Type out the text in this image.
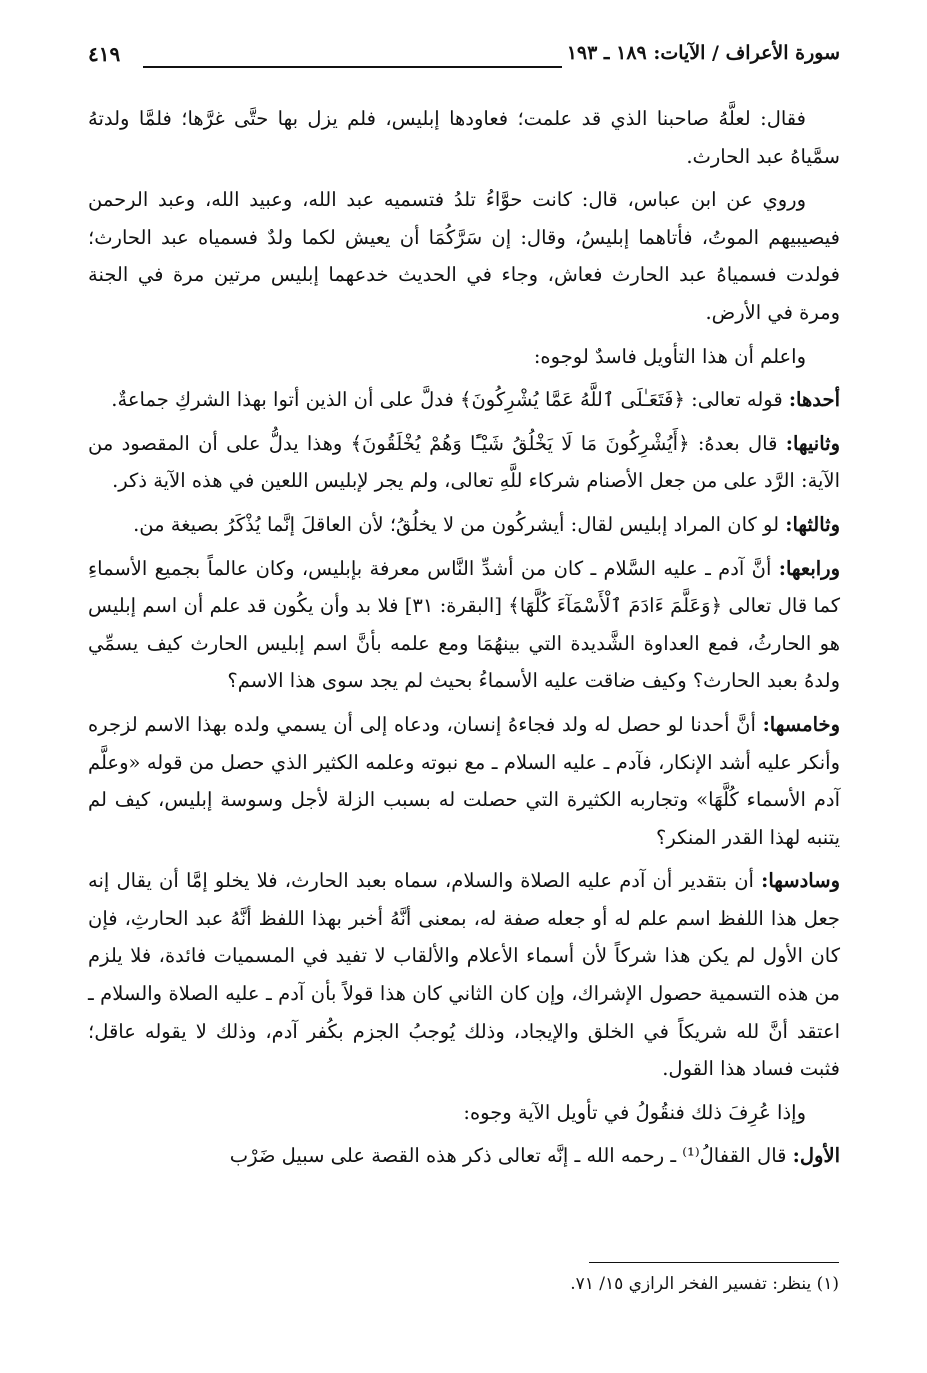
سورة الأعراف / الآيات: ١٨٩ ـ ١٩٣
٤١٩

فقال: لعلَّهُ صاحبنا الذي قد علمت؛ فعاودها إبليس، فلم يزل بها حتَّى غرَّها؛ فلمَّا ولدتهُ سمَّياهُ عبد الحارث.

وروي عن ابن عباس، قال: كانت حوَّاءُ تلدُ فتسميه عبد الله، وعبيد الله، وعبد الرحمن فيصيبيهم الموتُ، فأتاهما إبليسُ، وقال: إن سَرَّكُمَا أن يعيش لكما ولدٌ فسمياه عبد الحارث؛ فولدت فسمياهُ عبد الحارث فعاش، وجاء في الحديث خدعهما إبليس مرتين مرة في الجنة ومرة في الأرض.

واعلم أن هذا التأويل فاسدٌ لوجوه:

أحدها: قوله تعالى: ﴿فَتَعَـٰلَى ٱللَّهُ عَمَّا يُشْرِكُونَ﴾ فدلَّ على أن الذين أتوا بهذا الشركِ جماعةٌ.

وثانيها: قال بعدهُ: ﴿أَيُشْرِكُونَ مَا لَا يَخْلُقُ شَيْـًٔا وَهُمْ يُخْلَقُونَ﴾ وهذا يدلُّ على أن المقصود من الآية: الرَّد على من جعل الأصنام شركاء للَّهِ تعالى، ولم يجر لإبليس اللعين في هذه الآية ذكر.

وثالثها: لو كان المراد إبليس لقال: أيشركُون من لا يخلُقُ؛ لأن العاقلَ إنَّما يُذْكَرُ بصيغة من.

ورابعها: أنَّ آدم ـ عليه السَّلام ـ كان من أشدِّ النَّاس معرفة بإبليس، وكان عالماً بجميع الأسماءِ كما قال تعالى ﴿وَعَلَّمَ ءَادَمَ ٱلْأَسْمَآءَ كُلَّهَا﴾ [البقرة: ٣١] فلا بد وأن يكُون قد علم أن اسم إبليس هو الحارثُ، فمع العداوة الشَّديدة التي بينهُمَا ومع علمه بأنَّ اسم إبليس الحارث كيف يسمِّي ولدهُ بعبد الحارث؟ وكيف ضاقت عليه الأسماءُ بحيث لم يجد سوى هذا الاسم؟

وخامسها: أنَّ أحدنا لو حصل له ولد فجاءهُ إنسان، ودعاه إلى أن يسمي ولده بهذا الاسم لزجره وأنكر عليه أشد الإنكار، فآدم ـ عليه السلام ـ مع نبوته وعلمه الكثير الذي حصل من قوله «وعلَّم آدم الأسماء كُلَّهَا» وتجاربه الكثيرة التي حصلت له بسبب الزلة لأجل وسوسة إبليس، كيف لم يتنبه لهذا القدر المنكر؟

وسادسها: أن بتقدير أن آدم عليه الصلاة والسلام، سماه بعبد الحارث، فلا يخلو إمَّا أن يقال إنه جعل هذا اللفظ اسم علم له أو جعله صفة له، بمعنى أنَّهُ أخبر بهذا اللفظ أنَّهُ عبد الحارثِ، فإن كان الأول لم يكن هذا شركاً لأن أسماء الأعلام والألقاب لا تفيد في المسميات فائدة، فلا يلزم من هذه التسمية حصول الإشراك، وإن كان الثاني كان هذا قولاً بأن آدم ـ عليه الصلاة والسلام ـ اعتقد أنَّ لله شريكاً في الخلق والإيجاد، وذلك يُوجبُ الجزم بكُفر آدم، وذلك لا يقوله عاقل؛ فثبت فساد هذا القول.

وإذا عُرِفَ ذلك فنقُولُ في تأويل الآية وجوه:

الأول: قال القفالُ⁽¹⁾ ـ رحمه الله ـ إنَّه تعالى ذكر هذه القصة على سبيل ضَرْب

(١) ينظر: تفسير الفخر الرازي ١٥/ ٧١.
